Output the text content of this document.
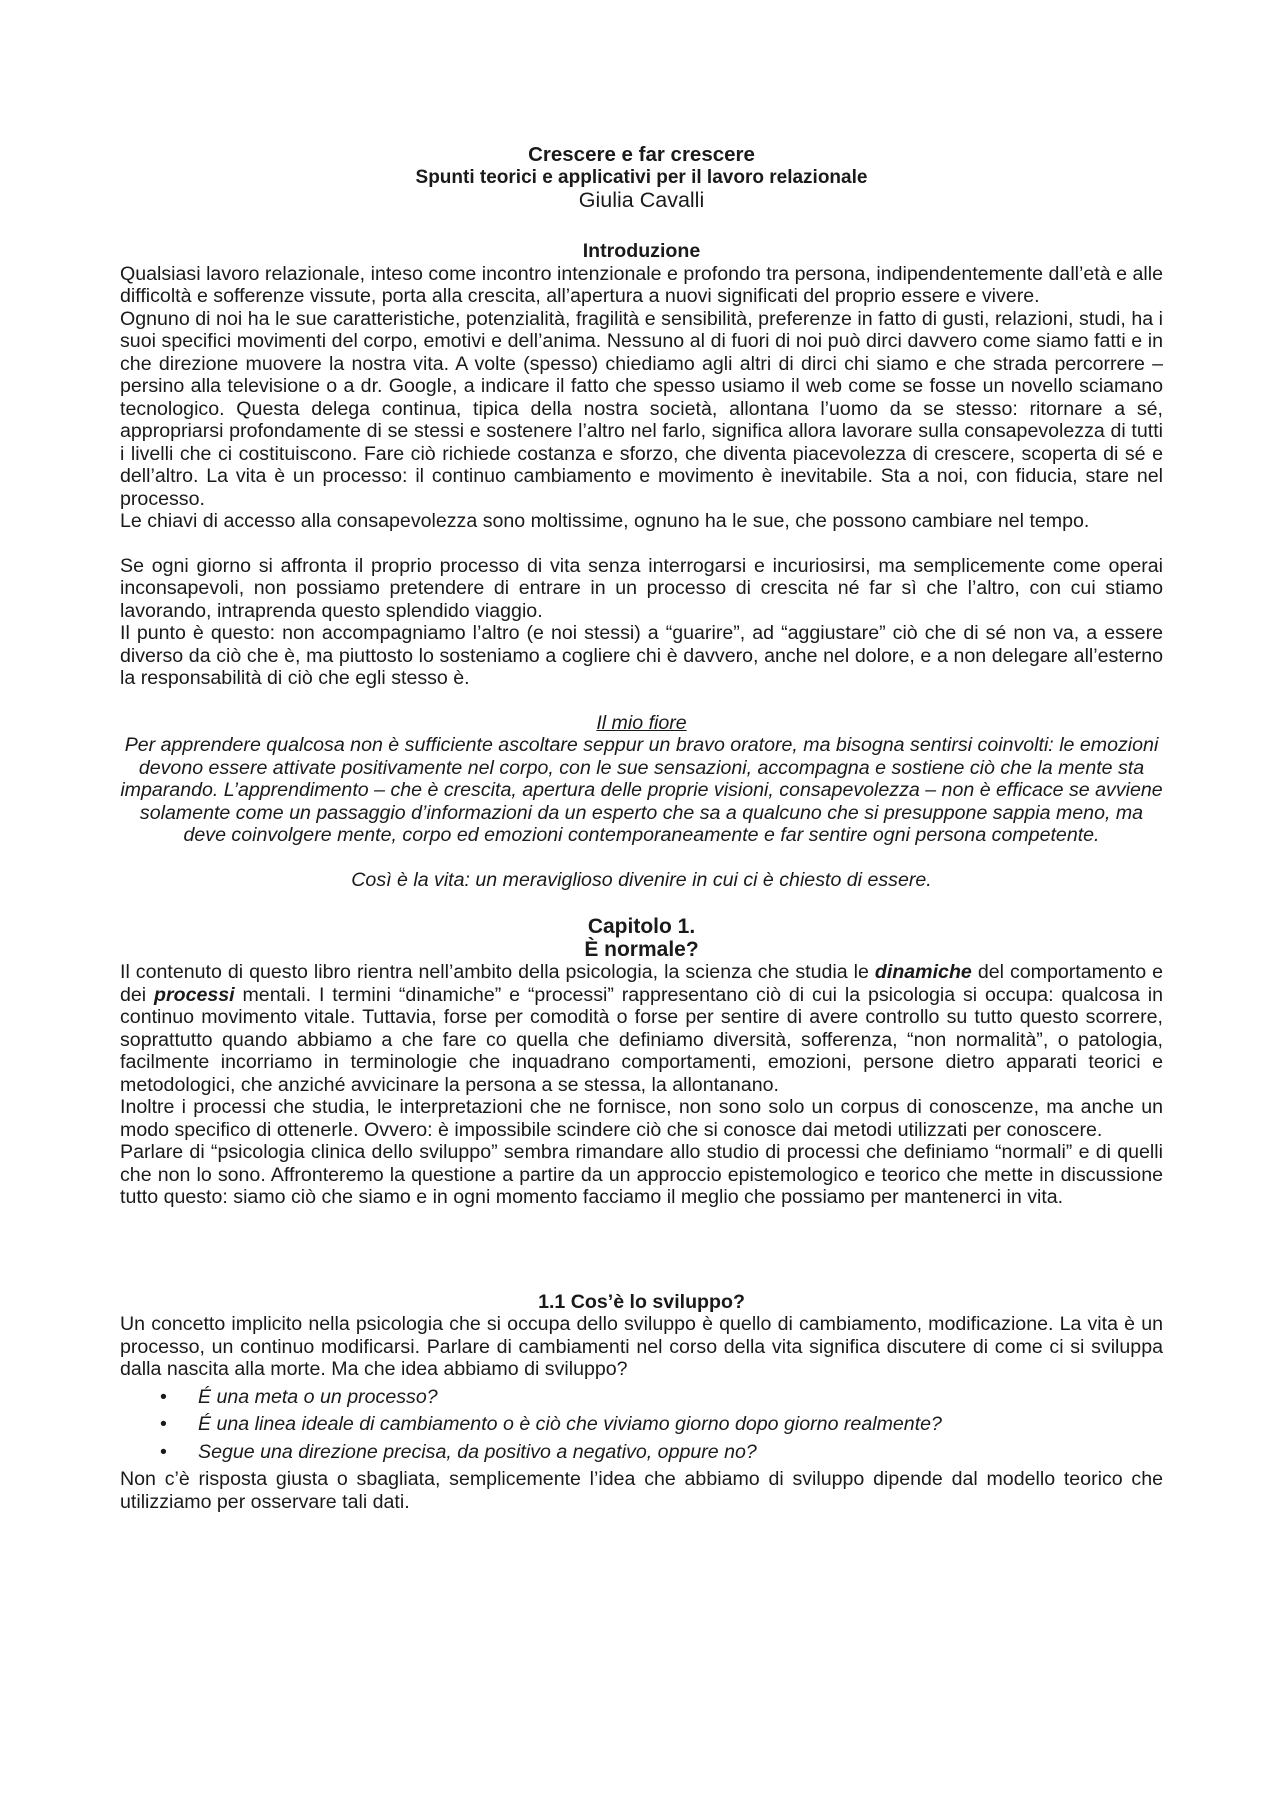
Crescere e far crescere
Spunti teorici e applicativi per il lavoro relazionale
Giulia Cavalli
Introduzione

Qualsiasi lavoro relazionale, inteso come incontro intenzionale e profondo tra persona, indipendentemente dall’età e alle difficoltà e sofferenze vissute, porta alla crescita, all’apertura a nuovi significati del proprio essere e vivere.

Ognuno di noi ha le sue caratteristiche, potenzialità, fragilità e sensibilità, preferenze in fatto di gusti, relazioni, studi, ha i suoi specifici movimenti del corpo, emotivi e dell’anima. Nessuno al di fuori di noi può dirci davvero come siamo fatti e in che direzione muovere la nostra vita. A volte (spesso) chiediamo agli altri di dirci chi siamo e che strada percorrere – persino alla televisione o a dr. Google, a indicare il fatto che spesso usiamo il web come se fosse un novello sciamano tecnologico. Questa delega continua, tipica della nostra società, allontana l’uomo da se stesso: ritornare a sé, appropriarsi profondamente di se stessi e sostenere l’altro nel farlo, significa allora lavorare sulla consapevolezza di tutti i livelli che ci costituiscono. Fare ciò richiede costanza e sforzo, che diventa piacevolezza di crescere, scoperta di sé e dell’altro. La vita è un processo: il continuo cambiamento e movimento è inevitabile. Sta a noi, con fiducia, stare nel processo.

Le chiavi di accesso alla consapevolezza sono moltissime, ognuno ha le sue, che possono cambiare nel tempo.

Se ogni giorno si affronta il proprio processo di vita senza interrogarsi e incuriosirsi, ma semplicemente come operai inconsapevoli, non possiamo pretendere di entrare in un processo di crescita né far sì che l’altro, con cui stiamo lavorando, intraprenda questo splendido viaggio.

Il punto è questo: non accompagniamo l’altro (e noi stessi) a “guarire”, ad “aggiustare” ciò che di sé non va, a essere diverso da ciò che è, ma piuttosto lo sosteniamo a cogliere chi è davvero, anche nel dolore, e a non delegare all’esterno la responsabilità di ciò che egli stesso è.

Il mio fiore

Per apprendere qualcosa non è sufficiente ascoltare seppur un bravo oratore, ma bisogna sentirsi coinvolti: le emozioni devono essere attivate positivamente nel corpo, con le sue sensazioni, accompagna e sostiene ciò che la mente sta imparando. L’apprendimento – che è crescita, apertura delle proprie visioni, consapevolezza – non è efficace se avviene solamente come un passaggio d’informazioni da un esperto che sa a qualcuno che si presuppone sappia meno, ma deve coinvolgere mente, corpo ed emozioni contemporaneamente e far sentire ogni persona competente.

Così è la vita: un meraviglioso divenire in cui ci è chiesto di essere.

Capitolo 1.
È normale?

Il contenuto di questo libro rientra nell’ambito della psicologia, la scienza che studia le dinamiche del comportamento e dei processi mentali. I termini “dinamiche” e “processi” rappresentano ciò di cui la psicologia si occupa: qualcosa in continuo movimento vitale. Tuttavia, forse per comodità o forse per sentire di avere controllo su tutto questo scorrere, soprattutto quando abbiamo a che fare co quella che definiamo diversità, sofferenza, “non normalità”, o patologia, facilmente incorriamo in terminologie che inquadrano comportamenti, emozioni, persone dietro apparati teorici e metodologici, che anziché avvicinare la persona a se stessa, la allontanano.

Inoltre i processi che studia, le interpretazioni che ne fornisce, non sono solo un corpus di conoscenze, ma anche un modo specifico di ottenerle. Ovvero: è impossibile scindere ciò che si conosce dai metodi utilizzati per conoscere.

Parlare di “psicologia clinica dello sviluppo” sembra rimandare allo studio di processi che definiamo “normali” e di quelli che non lo sono. Affronteremo la questione a partire da un approccio epistemologico e teorico che mette in discussione tutto questo: siamo ciò che siamo e in ogni momento facciamo il meglio che possiamo per mantenerci in vita.

1.1 Cos’è lo sviluppo?

Un concetto implicito nella psicologia che si occupa dello sviluppo è quello di cambiamento, modificazione. La vita è un processo, un continuo modificarsi. Parlare di cambiamenti nel corso della vita significa discutere di come ci si sviluppa dalla nascita alla morte. Ma che idea abbiamo di sviluppo?

• É una meta o un processo?
• É una linea ideale di cambiamento o è ciò che viviamo giorno dopo giorno realmente?
• Segue una direzione precisa, da positivo a negativo, oppure no?

Non c’è risposta giusta o sbagliata, semplicemente l’idea che abbiamo di sviluppo dipende dal modello teorico che utilizziamo per osservare tali dati.
